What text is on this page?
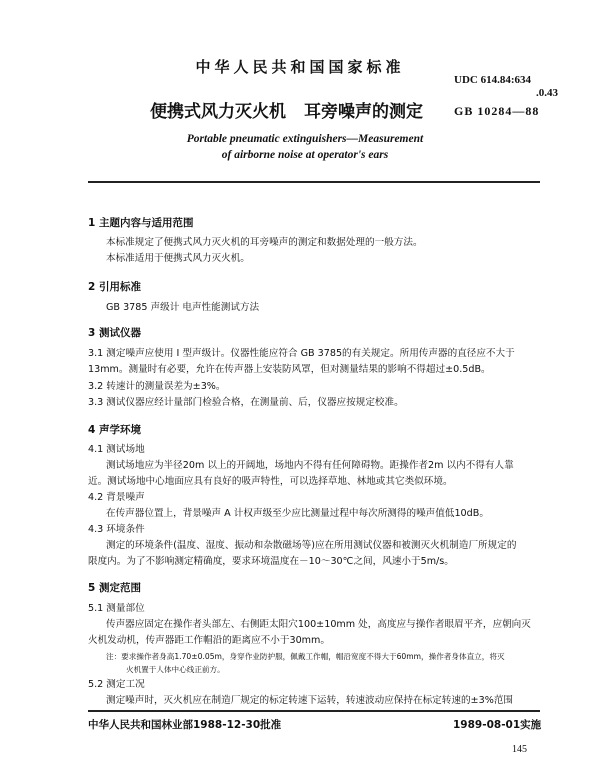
中华人民共和国国家标准
UDC 614.84:634
.0.43
便携式风力灭火机 耳旁噪声的测定	GB 10284—88
Portable pneumatic extinguishers—Measurement
of airborne noise at operator's ears
1 主题内容与适用范围
本标准规定了便携式风力灭火机的耳旁噪声的测定和数据处理的一般方法。
本标准适用于便携式风力灭火机。
2 引用标准
GB 3785 声级计 电声性能测试方法
3 测试仪器
3.1 测定噪声应使用 I 型声级计。仪器性能应符合 GB 3785的有关规定。所用传声器的直径应不大于
13mm。测量时有必要，允许在传声器上安装防风罩，但对测量结果的影响不得超过±0.5dB。
3.2 转速计的测量误差为±3%。
3.3 测试仪器应经计量部门检验合格，在测量前、后，仪器应按规定校准。
4 声学环境
4.1 测试场地
测试场地应为半径20m 以上的开阔地，场地内不得有任何障碍物。距操作者2m 以内不得有人靠
近。测试场地中心地面应具有良好的吸声特性，可以选择草地、林地或其它类似环境。
4.2 背景噪声
在传声器位置上，背景噪声 A 计权声级至少应比测量过程中每次所测得的噪声值低10dB。
4.3 环境条件
测定的环境条件(温度、湿度、振动和杂散磁场等)应在所用测试仪器和被测灭火机制造厂所规定的
限度内。为了不影响测定精确度，要求环境温度在－10～30℃之间，风速小于5m/s。
5 测定范围
5.1 测量部位
传声器应固定在操作者头部左、右侧距太阳穴100±10mm 处，高度应与操作者眼眉平齐，应朝向灭
火机发动机，传声器距工作帽沿的距离应不小于30mm。
注：要求操作者身高1.70±0.05m，身穿作业防护服，佩戴工作帽，帽沿宽度不得大于60mm，操作者身体直立，将灭
火机置于人体中心线正前方。
5.2 测定工况
测定噪声时，灭火机应在制造厂规定的标定转速下运转，转速波动应保持在标定转速的±3%范围
中华人民共和国林业部1988-12-30批准	1989-08-01实施
145
